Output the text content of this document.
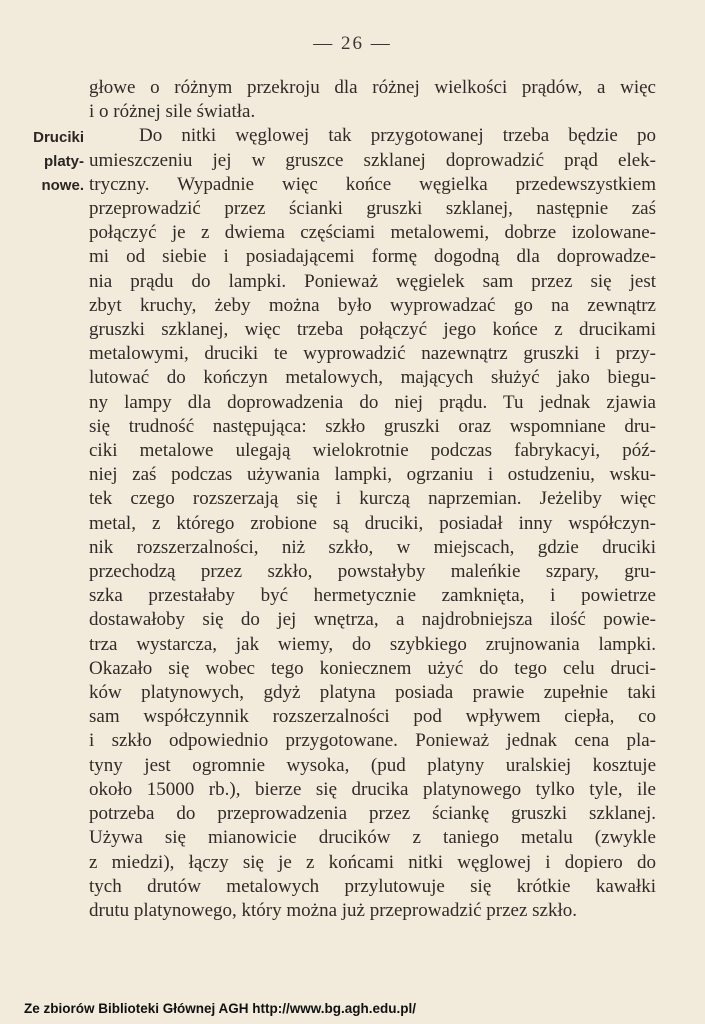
— 26 —
Druciki
platy-
nowe.
głowe o różnym przekroju dla różnej wielkości prądów, a więc
i o różnej sile światła.
Do nitki węglowej tak przygotowanej trzeba będzie po
umieszczeniu jej w gruszce szklanej doprowadzić prąd elek-
tryczny. Wypadnie więc końce węgielka przedewszystkiem
przeprowadzić przez ścianki gruszki szklanej, następnie zaś
połączyć je z dwiema częściami metalowemi, dobrze izolowane-
mi od siebie i posiadającemi formę dogodną dla doprowadze-
nia prądu do lampki. Ponieważ węgielek sam przez się jest
zbyt kruchy, żeby można było wyprowadzać go na zewnątrz
gruszki szklanej, więc trzeba połączyć jego końce z drucikami
metalowymi, druciki te wyprowadzić nazewnątrz gruszki i przy-
lutować do kończyn metalowych, mających służyć jako biegu-
ny lampy dla doprowadzenia do niej prądu. Tu jednak zjawia
się trudność następująca: szkło gruszki oraz wspomniane dru-
ciki metalowe ulegają wielokrotnie podczas fabrykacyi, póź-
niej zaś podczas używania lampki, ogrzaniu i ostudzeniu, wsku-
tek czego rozszerzają się i kurczą naprzemian. Jeżeliby więc
metal, z którego zrobione są druciki, posiadał inny współczyn-
nik rozszerzalności, niż szkło, w miejscach, gdzie druciki
przechodzą przez szkło, powstałyby maleńkie szpary, gru-
szka przestałaby być hermetycznie zamknięta, i powietrze
dostawałoby się do jej wnętrza, a najdrobniejsza ilość powie-
trza wystarcza, jak wiemy, do szybkiego zrujnowania lampki.
Okazało się wobec tego koniecznem użyć do tego celu druci-
ków platynowych, gdyż platyna posiada prawie zupełnie taki
sam współczynnik rozszerzalności pod wpływem ciepła, co
i szkło odpowiednio przygotowane. Ponieważ jednak cena pla-
tyny jest ogromnie wysoka, (pud platyny uralskiej kosztuje
około 15000 rb.), bierze się drucika platynowego tylko tyle, ile
potrzeba do przeprowadzenia przez ściankę gruszki szklanej.
Używa się mianowicie drucików z taniego metalu (zwykle
z miedzi), łączy się je z końcami nitki węglowej i dopiero do
tych drutów metalowych przylutowuje się krótkie kawałki
drutu platynowego, który można już przeprowadzić przez szkło.
Ze zbiorów Biblioteki Głównej AGH http://www.bg.agh.edu.pl/
